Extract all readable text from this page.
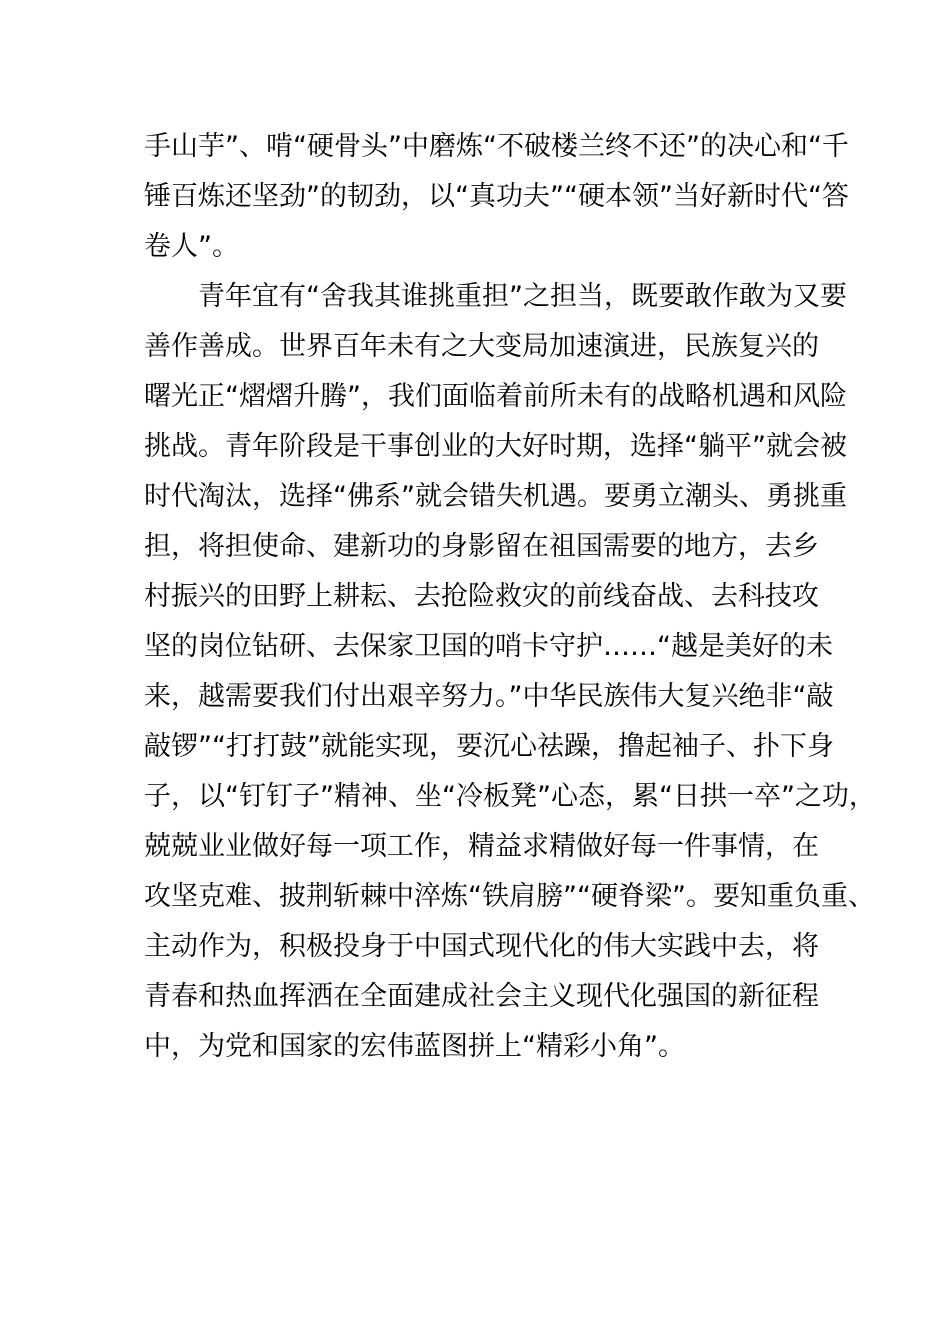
手山芋”、啃“硬骨头”中磨炼“不破楼兰终不还”的决心和“千
锤百炼还坚劲”的韧劲，以“真功夫”“硬本领”当好新时代“答
卷人”。
　　青年宜有“舍我其谁挑重担”之担当，既要敢作敢为又要
善作善成。世界百年未有之大变局加速演进，民族复兴的
曙光正“熠熠升腾”，我们面临着前所未有的战略机遇和风险
挑战。青年阶段是干事创业的大好时期，选择“躺平”就会被
时代淘汰，选择“佛系”就会错失机遇。要勇立潮头、勇挑重
担，将担使命、建新功的身影留在祖国需要的地方，去乡
村振兴的田野上耕耘、去抢险救灾的前线奋战、去科技攻
坚的岗位钻研、去保家卫国的哨卡守护……“越是美好的未
来，越需要我们付出艰辛努力。”中华民族伟大复兴绝非“敲
敲锣”“打打鼓”就能实现，要沉心祛躁，撸起袖子、扑下身
子，以“钉钉子”精神、坐“冷板凳”心态，累“日拱一卒”之功，
兢兢业业做好每一项工作，精益求精做好每一件事情，在
攻坚克难、披荆斩棘中淬炼“铁肩膀”“硬脊梁”。要知重负重、
主动作为，积极投身于中国式现代化的伟大实践中去，将
青春和热血挥洒在全面建成社会主义现代化强国的新征程
中，为党和国家的宏伟蓝图拼上“精彩小角”。
